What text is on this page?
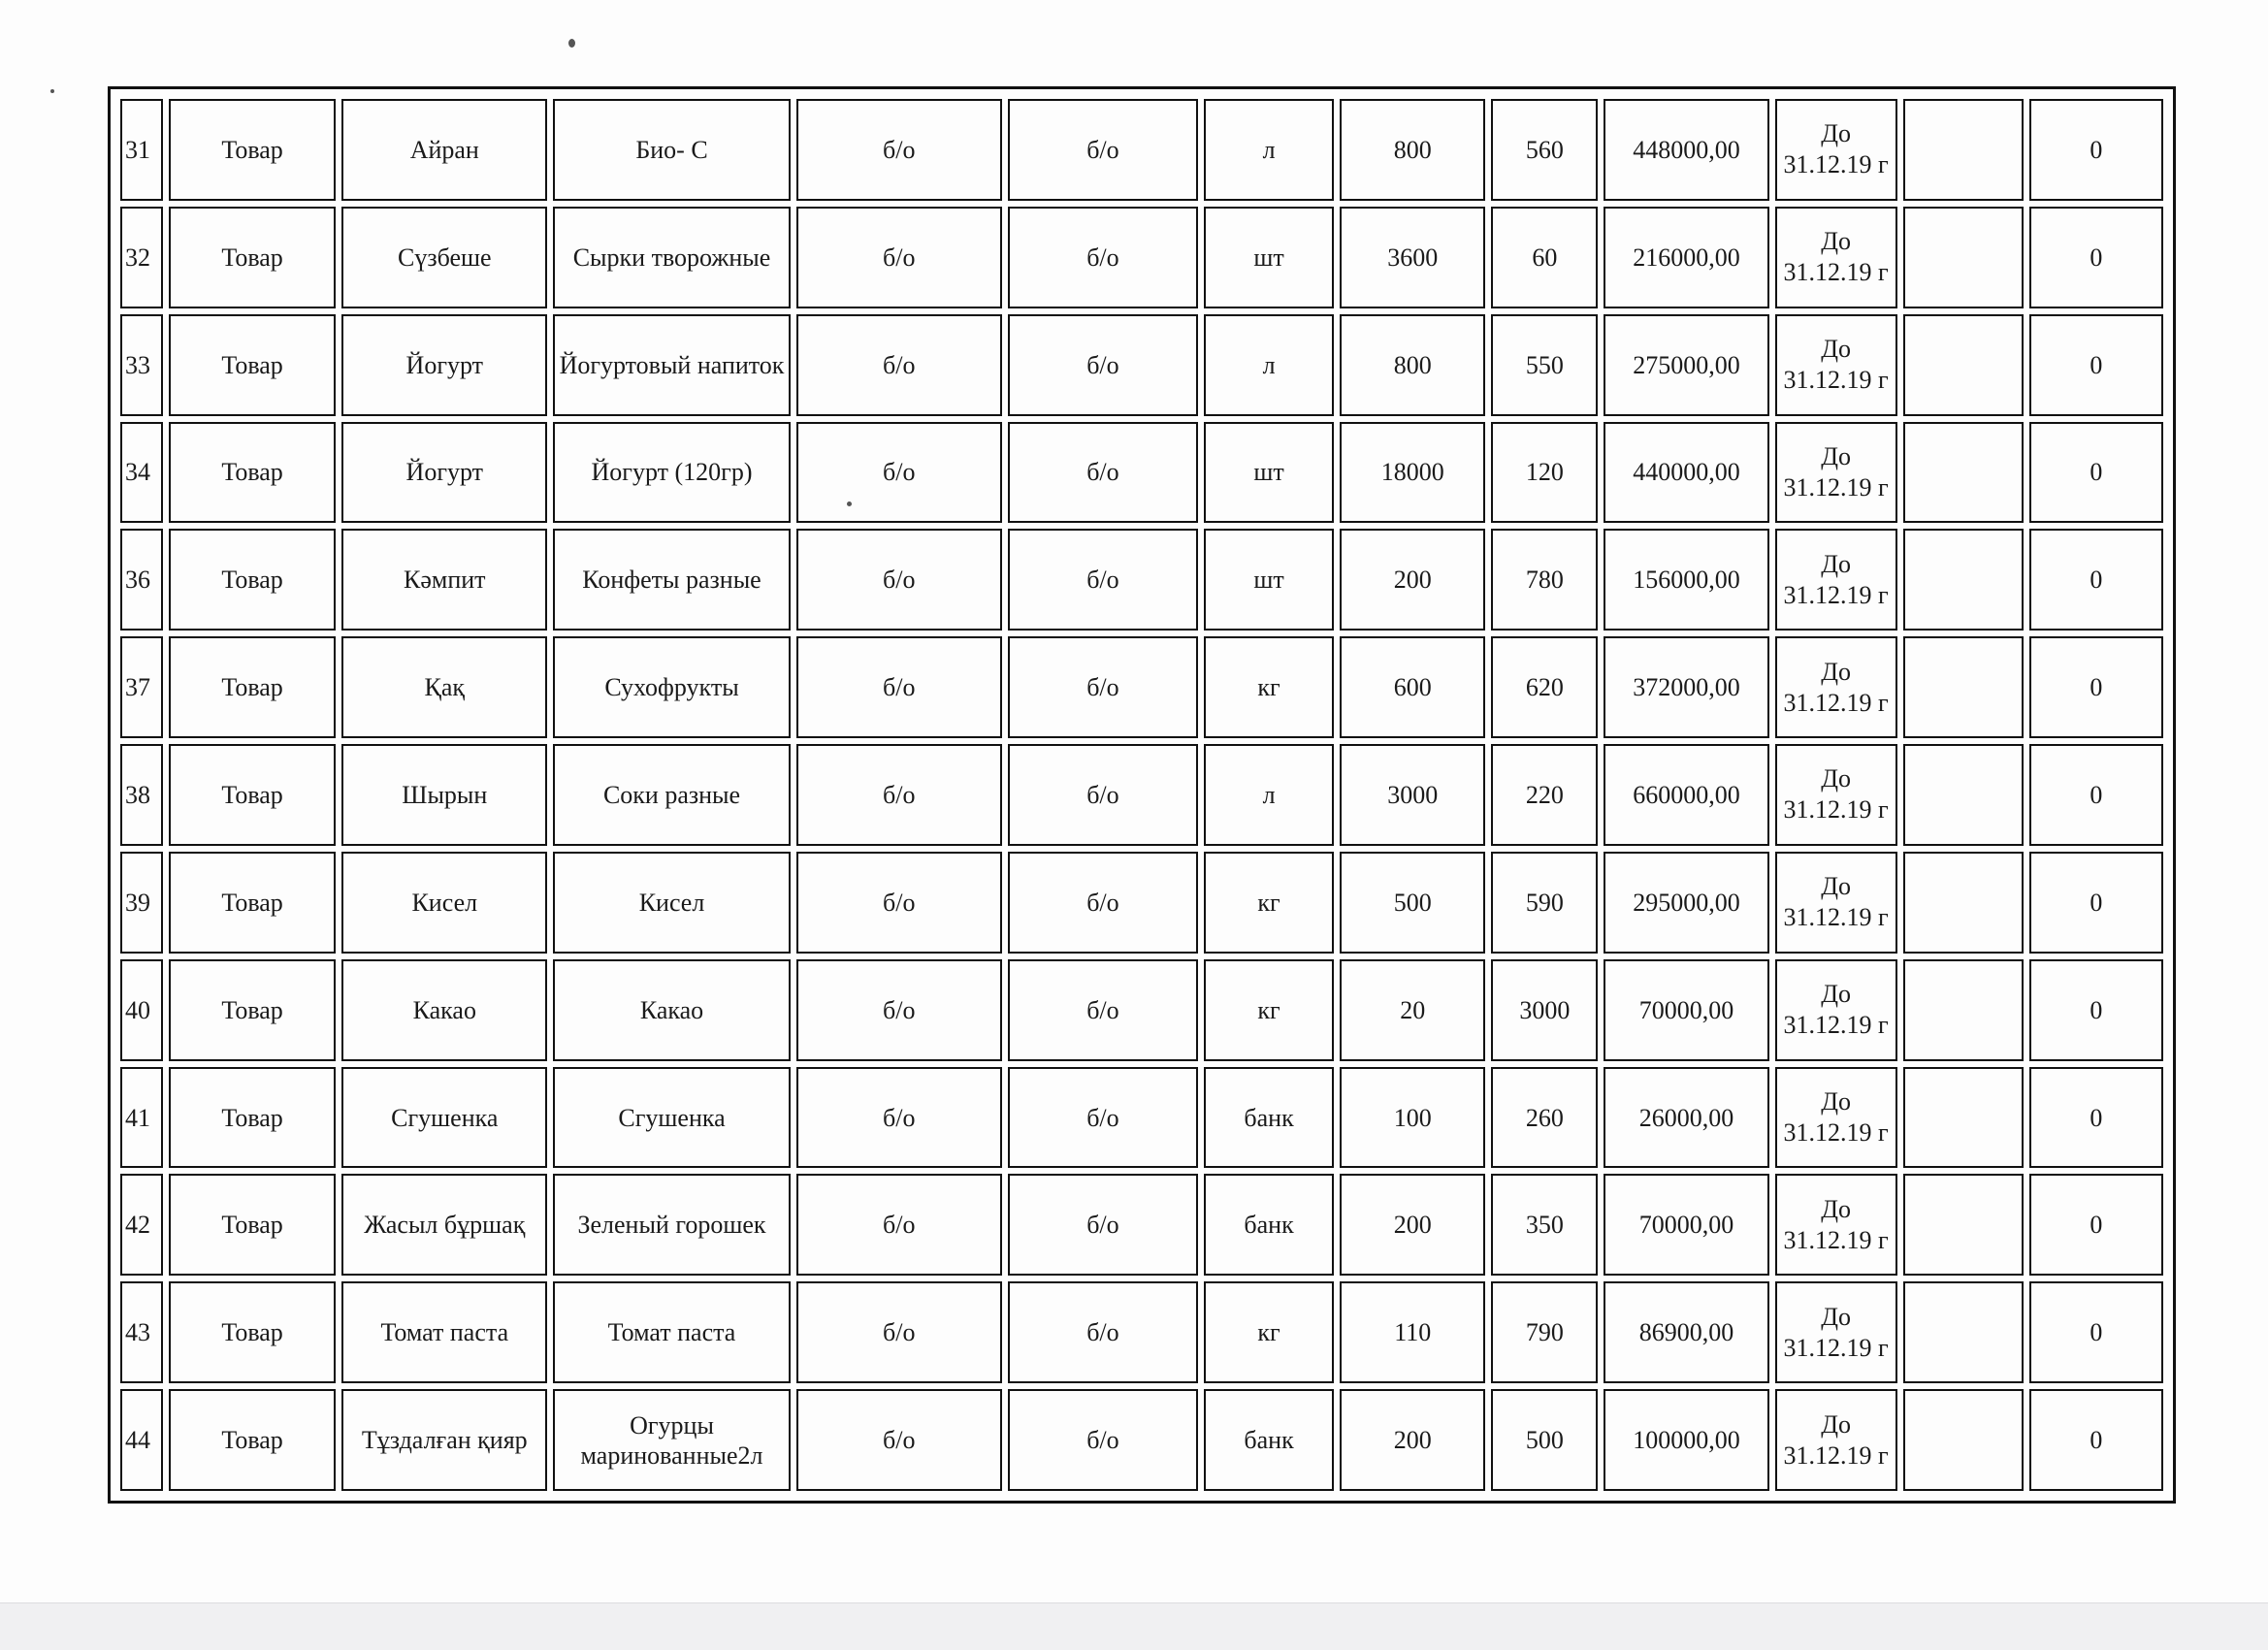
31	Товар	Айран	Био- С	б/о	б/о	л	800	560	448000,00	До
31.12.19 г		0
32	Товар	Сүзбеше	Сырки творожные	б/о	б/о	шт	3600	60	216000,00	До
31.12.19 г		0
33	Товар	Йогурт	Йогуртовый напиток	б/о	б/о	л	800	550	275000,00	До
31.12.19 г		0
34	Товар	Йогурт	Йогурт (120гр)	б/о	б/о	шт	18000	120	440000,00	До
31.12.19 г		0
36	Товар	Кәмпит	Конфеты разные	б/о	б/о	шт	200	780	156000,00	До
31.12.19 г		0
37	Товар	Қақ	Сухофрукты	б/о	б/о	кг	600	620	372000,00	До
31.12.19 г		0
38	Товар	Шырын	Соки разные	б/о	б/о	л	3000	220	660000,00	До
31.12.19 г		0
39	Товар	Кисел	Кисел	б/о	б/о	кг	500	590	295000,00	До
31.12.19 г		0
40	Товар	Какао	Какао	б/о	б/о	кг	20	3000	70000,00	До
31.12.19 г		0
41	Товар	Сгушенка	Сгушенка	б/о	б/о	банк	100	260	26000,00	До
31.12.19 г		0
42	Товар	Жасыл бұршақ	Зеленый горошек	б/о	б/о	банк	200	350	70000,00	До
31.12.19 г		0
43	Товар	Томат паста	Томат паста	б/о	б/о	кг	110	790	86900,00	До
31.12.19 г		0
44	Товар	Тұздалған қияр	Огурцы маринованные2л	б/о	б/о	банк	200	500	100000,00	До
31.12.19 г		0
